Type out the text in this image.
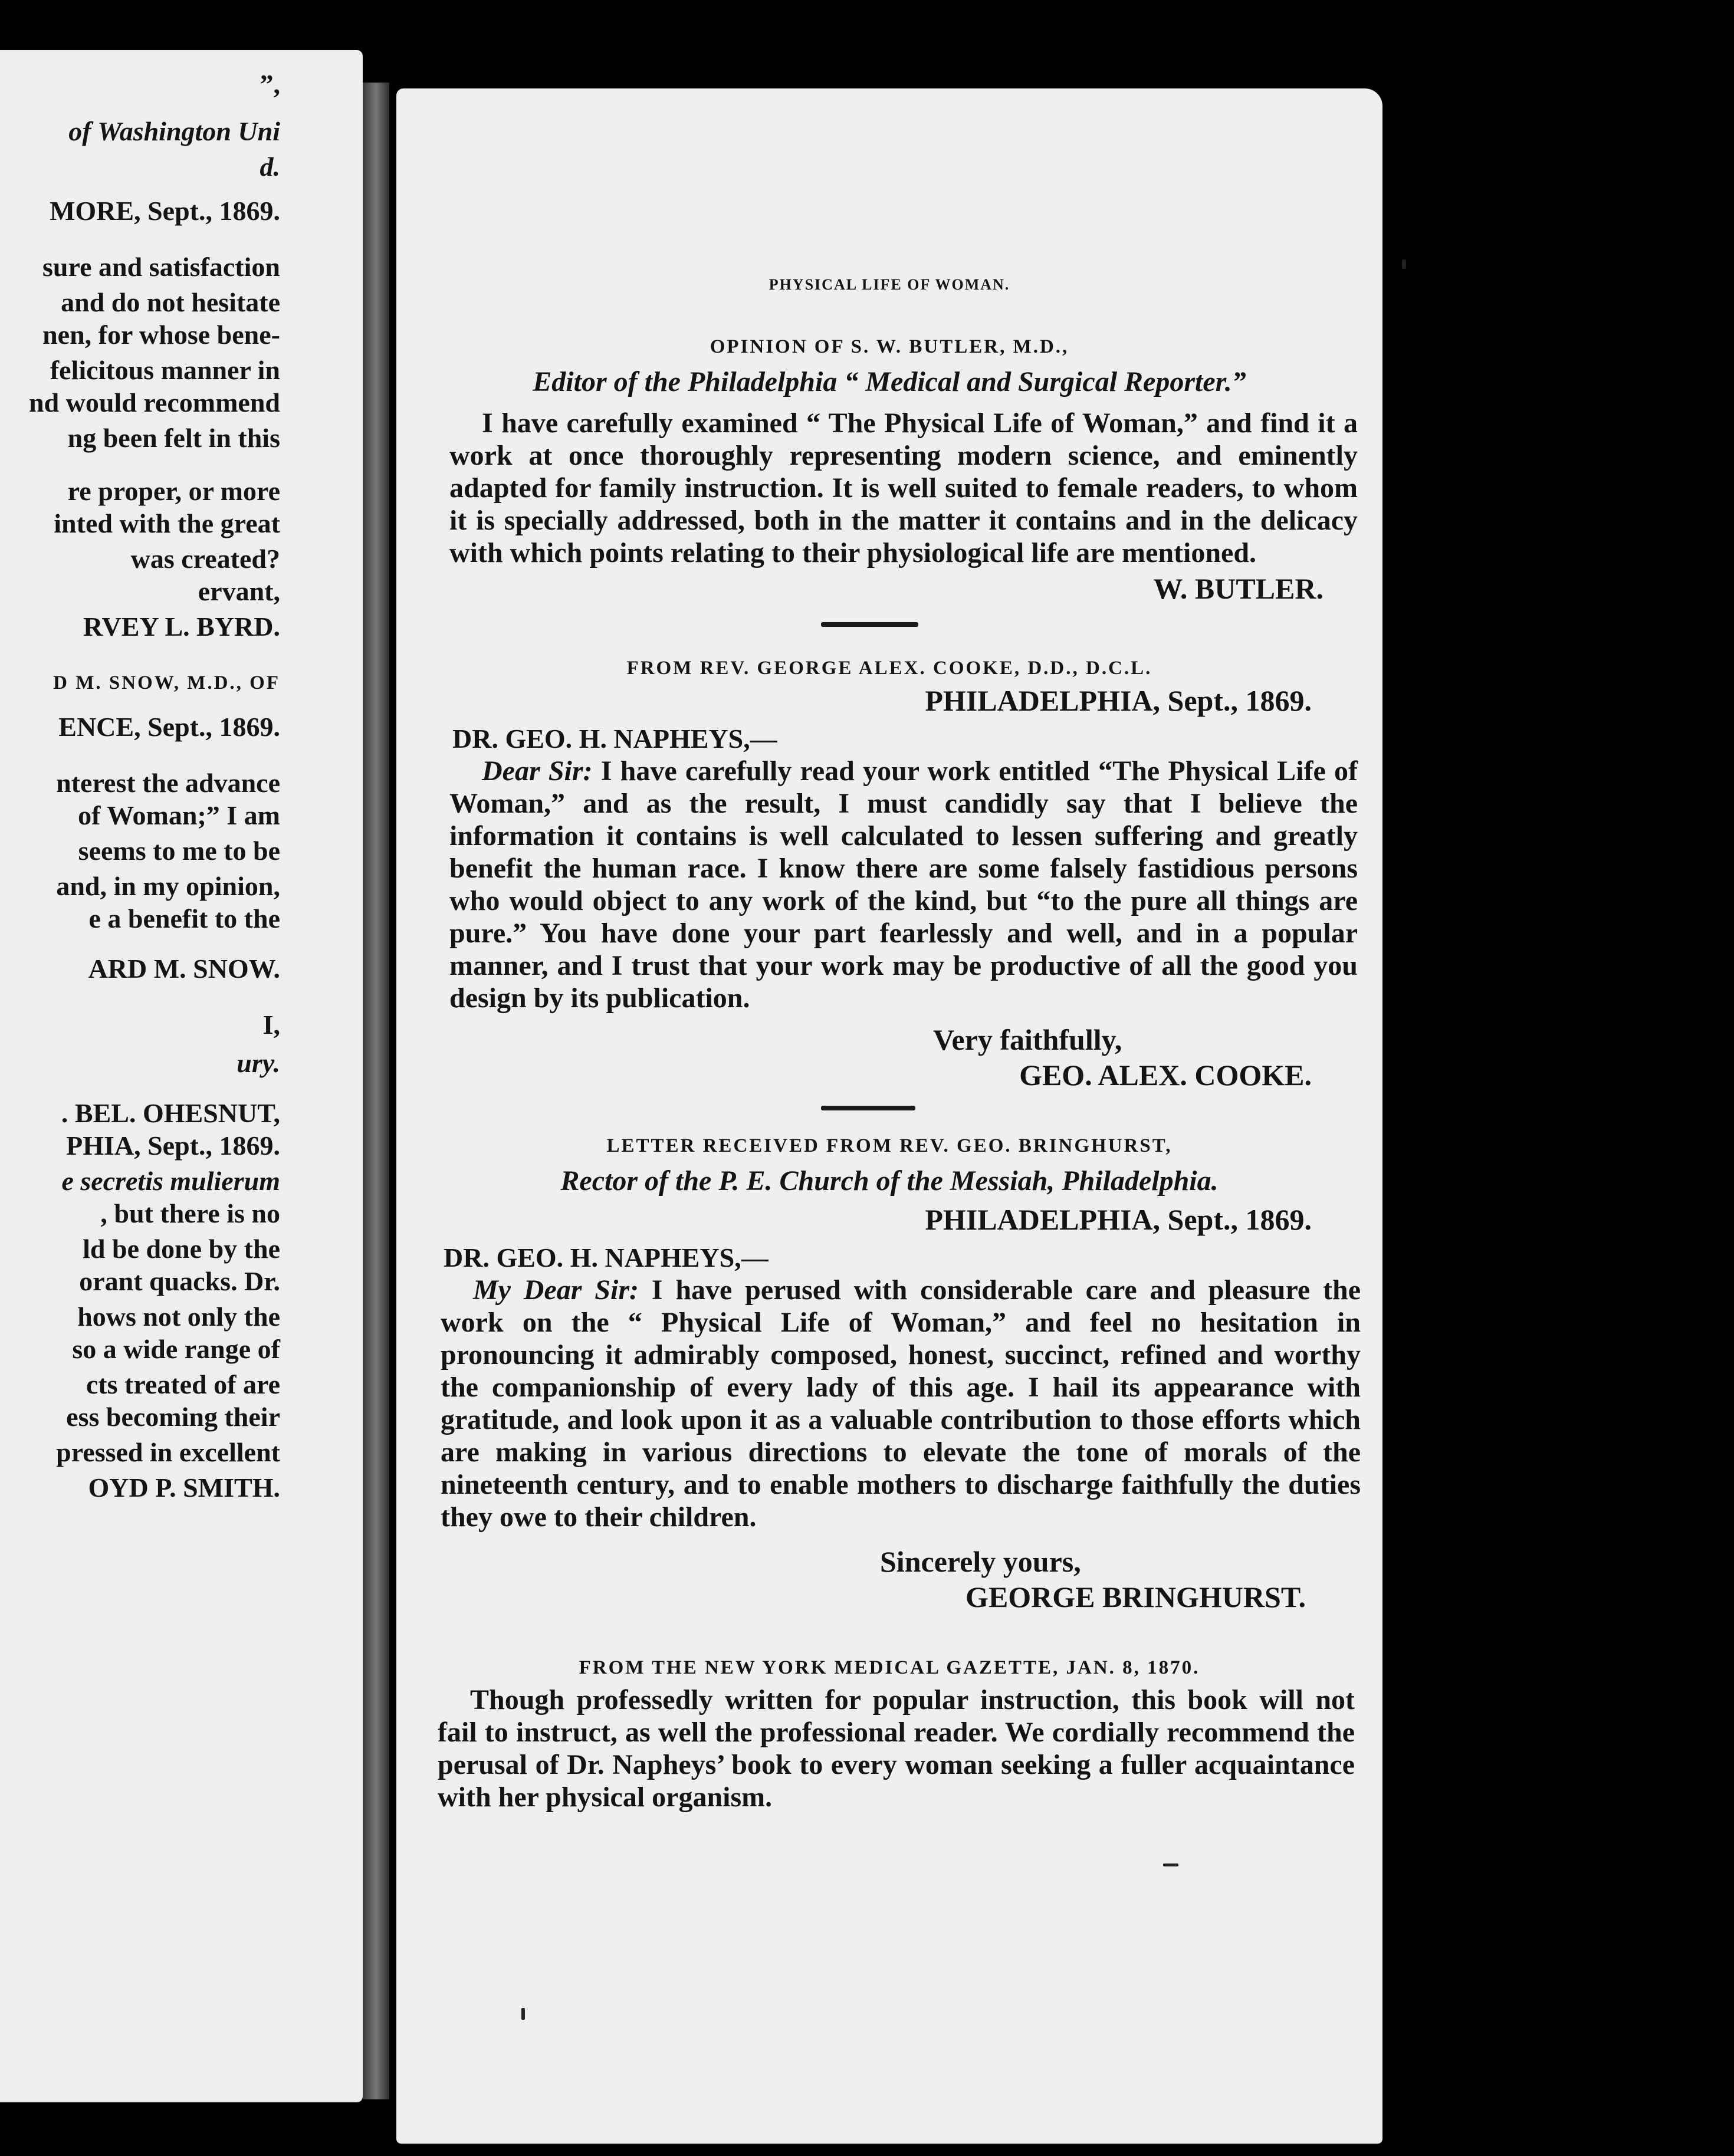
”,
of Washington Uni
d.
MORE, Sept., 1869.
sure and satisfaction
and do not hesitate
nen, for whose bene-
felicitous manner in
nd would recommend
ng been felt in this
re proper, or more
inted with the great
was created?
ervant,
RVEY L. BYRD.
D M. SNOW, M.D., OF
ENCE, Sept., 1869.
nterest the advance
of Woman;” I am
seems to me to be
and, in my opinion,
e a benefit to the
ARD M. SNOW.
I,
ury.
. BEL. OHESNUT,
PHIA, Sept., 1869.
e secretis mulierum
, but there is no
ld be done by the
orant quacks. Dr.
hows not only the
so a wide range of
cts treated of are
ess becoming their
pressed in excellent
OYD P. SMITH.
PHYSICAL LIFE OF WOMAN.
OPINION OF S. W. BUTLER, M.D.,
Editor of the Philadelphia “ Medical and Surgical Reporter.”
I have carefully examined “ The Physical Life of Woman,” and find it a work at once thoroughly representing modern science, and eminently adapted for family instruction. It is well suited to female readers, to whom it is specially addressed, both in the matter it contains and in the delicacy with which points relating to their physiological life are mentioned.
W. BUTLER.
FROM REV. GEORGE ALEX. COOKE, D.D., D.C.L.
PHILADELPHIA, Sept., 1869.
DR. GEO. H. NAPHEYS,—
Dear Sir: I have carefully read your work entitled “The Physical Life of Woman,” and as the result, I must candidly say that I believe the information it contains is well calculated to lessen suffering and greatly benefit the human race. I know there are some falsely fastidious persons who would object to any work of the kind, but “to the pure all things are pure.” You have done your part fearlessly and well, and in a popular manner, and I trust that your work may be productive of all the good you design by its publication.
Very faithfully,
GEO. ALEX. COOKE.
LETTER RECEIVED FROM REV. GEO. BRINGHURST,
Rector of the P. E. Church of the Messiah, Philadelphia.
PHILADELPHIA, Sept., 1869.
DR. GEO. H. NAPHEYS,—
My Dear Sir: I have perused with considerable care and pleasure the work on the “ Physical Life of Woman,” and feel no hesitation in pronouncing it admirably composed, honest, succinct, refined and worthy the companionship of every lady of this age. I hail its appearance with gratitude, and look upon it as a valuable contribution to those efforts which are making in various directions to elevate the tone of morals of the nineteenth century, and to enable mothers to discharge faithfully the duties they owe to their children.
Sincerely yours,
GEORGE BRINGHURST.
FROM THE NEW YORK MEDICAL GAZETTE, JAN. 8, 1870.
Though professedly written for popular instruction, this book will not fail to instruct, as well the professional reader. We cordially recommend the perusal of Dr. Napheys’ book to every woman seeking a fuller acquaintance with her physical organism.
